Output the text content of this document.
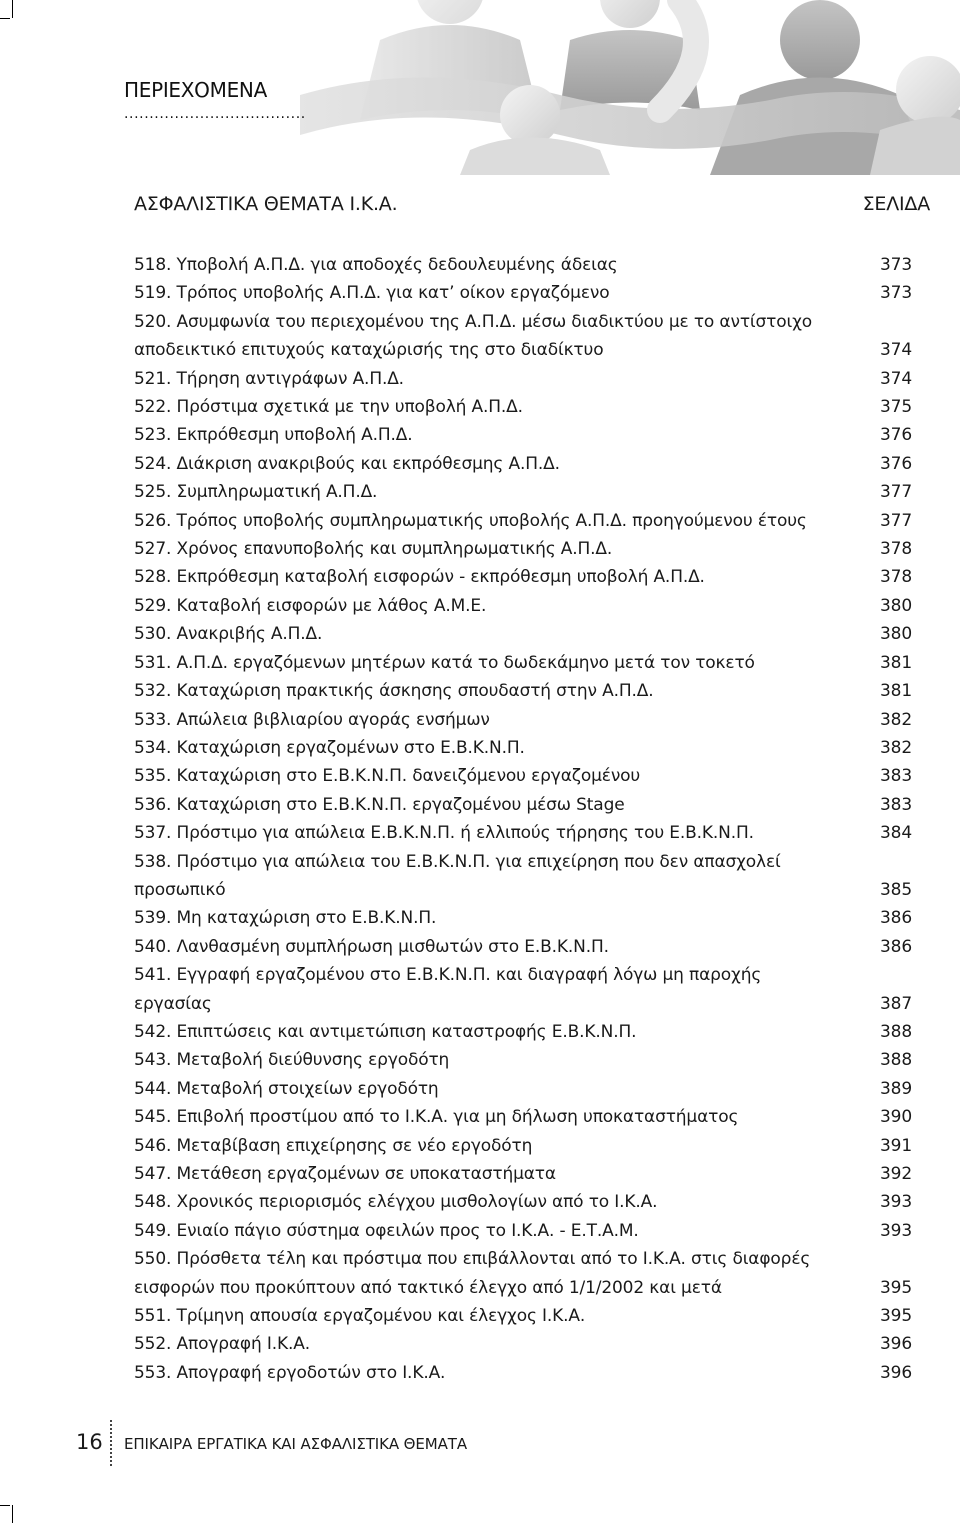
ΠΕΡΙΕΧΟΜΕΝΑ
....................................
ΑΣΦΑΛΙΣΤΙΚΑ ΘΕΜΑΤΑ Ι.Κ.Α.	ΣΕΛΙΔΑ
518. Υποβολή Α.Π.Δ. για αποδοχές δεδουλευμένης άδειας	373
519. Τρόπος υποβολής Α.Π.Δ. για κατ’ οίκον εργαζόμενο	373
520. Ασυμφωνία του περιεχομένου της Α.Π.Δ. μέσω διαδικτύου με το αντίστοιχο
αποδεικτικό επιτυχούς καταχώρισής της στο διαδίκτυο	374
521. Τήρηση αντιγράφων Α.Π.Δ.	374
522. Πρόστιμα σχετικά με την υποβολή Α.Π.Δ.	375
523. Εκπρόθεσμη υποβολή Α.Π.Δ.	376
524. Διάκριση ανακριβούς και εκπρόθεσμης Α.Π.Δ.	376
525. Συμπληρωματική Α.Π.Δ.	377
526. Τρόπος υποβολής συμπληρωματικής υποβολής Α.Π.Δ. προηγούμενου έτους	377
527. Χρόνος επανυποβολής και συμπληρωματικής Α.Π.Δ.	378
528. Εκπρόθεσμη καταβολή εισφορών - εκπρόθεσμη υποβολή Α.Π.Δ.	378
529. Καταβολή εισφορών με λάθος Α.Μ.Ε.	380
530. Ανακριβής Α.Π.Δ.	380
531. Α.Π.Δ. εργαζόμενων μητέρων κατά το δωδεκάμηνο μετά τον τοκετό	381
532. Καταχώριση πρακτικής άσκησης σπουδαστή στην Α.Π.Δ.	381
533. Απώλεια βιβλιαρίου αγοράς ενσήμων	382
534. Καταχώριση εργαζομένων στο Ε.Β.Κ.Ν.Π.	382
535. Καταχώριση στο Ε.Β.Κ.Ν.Π. δανειζόμενου εργαζομένου	383
536. Καταχώριση στο Ε.Β.Κ.Ν.Π. εργαζομένου μέσω Stage	383
537. Πρόστιμο για απώλεια Ε.Β.Κ.Ν.Π. ή ελλιπούς τήρησης του Ε.Β.Κ.Ν.Π.	384
538. Πρόστιμο για απώλεια του Ε.Β.Κ.Ν.Π. για επιχείρηση που δεν απασχολεί
προσωπικό	385
539. Μη καταχώριση στο Ε.Β.Κ.Ν.Π.	386
540. Λανθασμένη συμπλήρωση μισθωτών στο Ε.Β.Κ.Ν.Π.	386
541. Εγγραφή εργαζομένου στο Ε.Β.Κ.Ν.Π. και διαγραφή λόγω μη παροχής εργασίας	387
542. Επιπτώσεις και αντιμετώπιση καταστροφής Ε.Β.Κ.Ν.Π.	388
543. Μεταβολή διεύθυνσης εργοδότη	388
544. Μεταβολή στοιχείων εργοδότη	389
545. Επιβολή προστίμου από το Ι.Κ.Α. για μη δήλωση υποκαταστήματος	390
546. Μεταβίβαση επιχείρησης σε νέο εργοδότη	391
547. Μετάθεση εργαζομένων σε υποκαταστήματα	392
548. Χρονικός περιορισμός ελέγχου μισθολογίων από το Ι.Κ.Α.	393
549. Ενιαίο πάγιο σύστημα οφειλών προς το Ι.Κ.Α. - Ε.Τ.Α.Μ.	393
550. Πρόσθετα τέλη και πρόστιμα που επιβάλλονται από το Ι.Κ.Α. στις διαφορές
εισφορών που προκύπτουν από τακτικό έλεγχο από 1/1/2002 και μετά	395
551. Τρίμηνη απουσία εργαζομένου και έλεγχος Ι.Κ.Α.	395
552. Απογραφή Ι.Κ.Α.	396
553. Απογραφή εργοδοτών στο Ι.Κ.Α.	396
16 ΕΠΙΚΑΙΡΑ ΕΡΓΑΤΙΚΑ ΚΑΙ ΑΣΦΑΛΙΣΤΙΚΑ ΘΕΜΑΤΑ
